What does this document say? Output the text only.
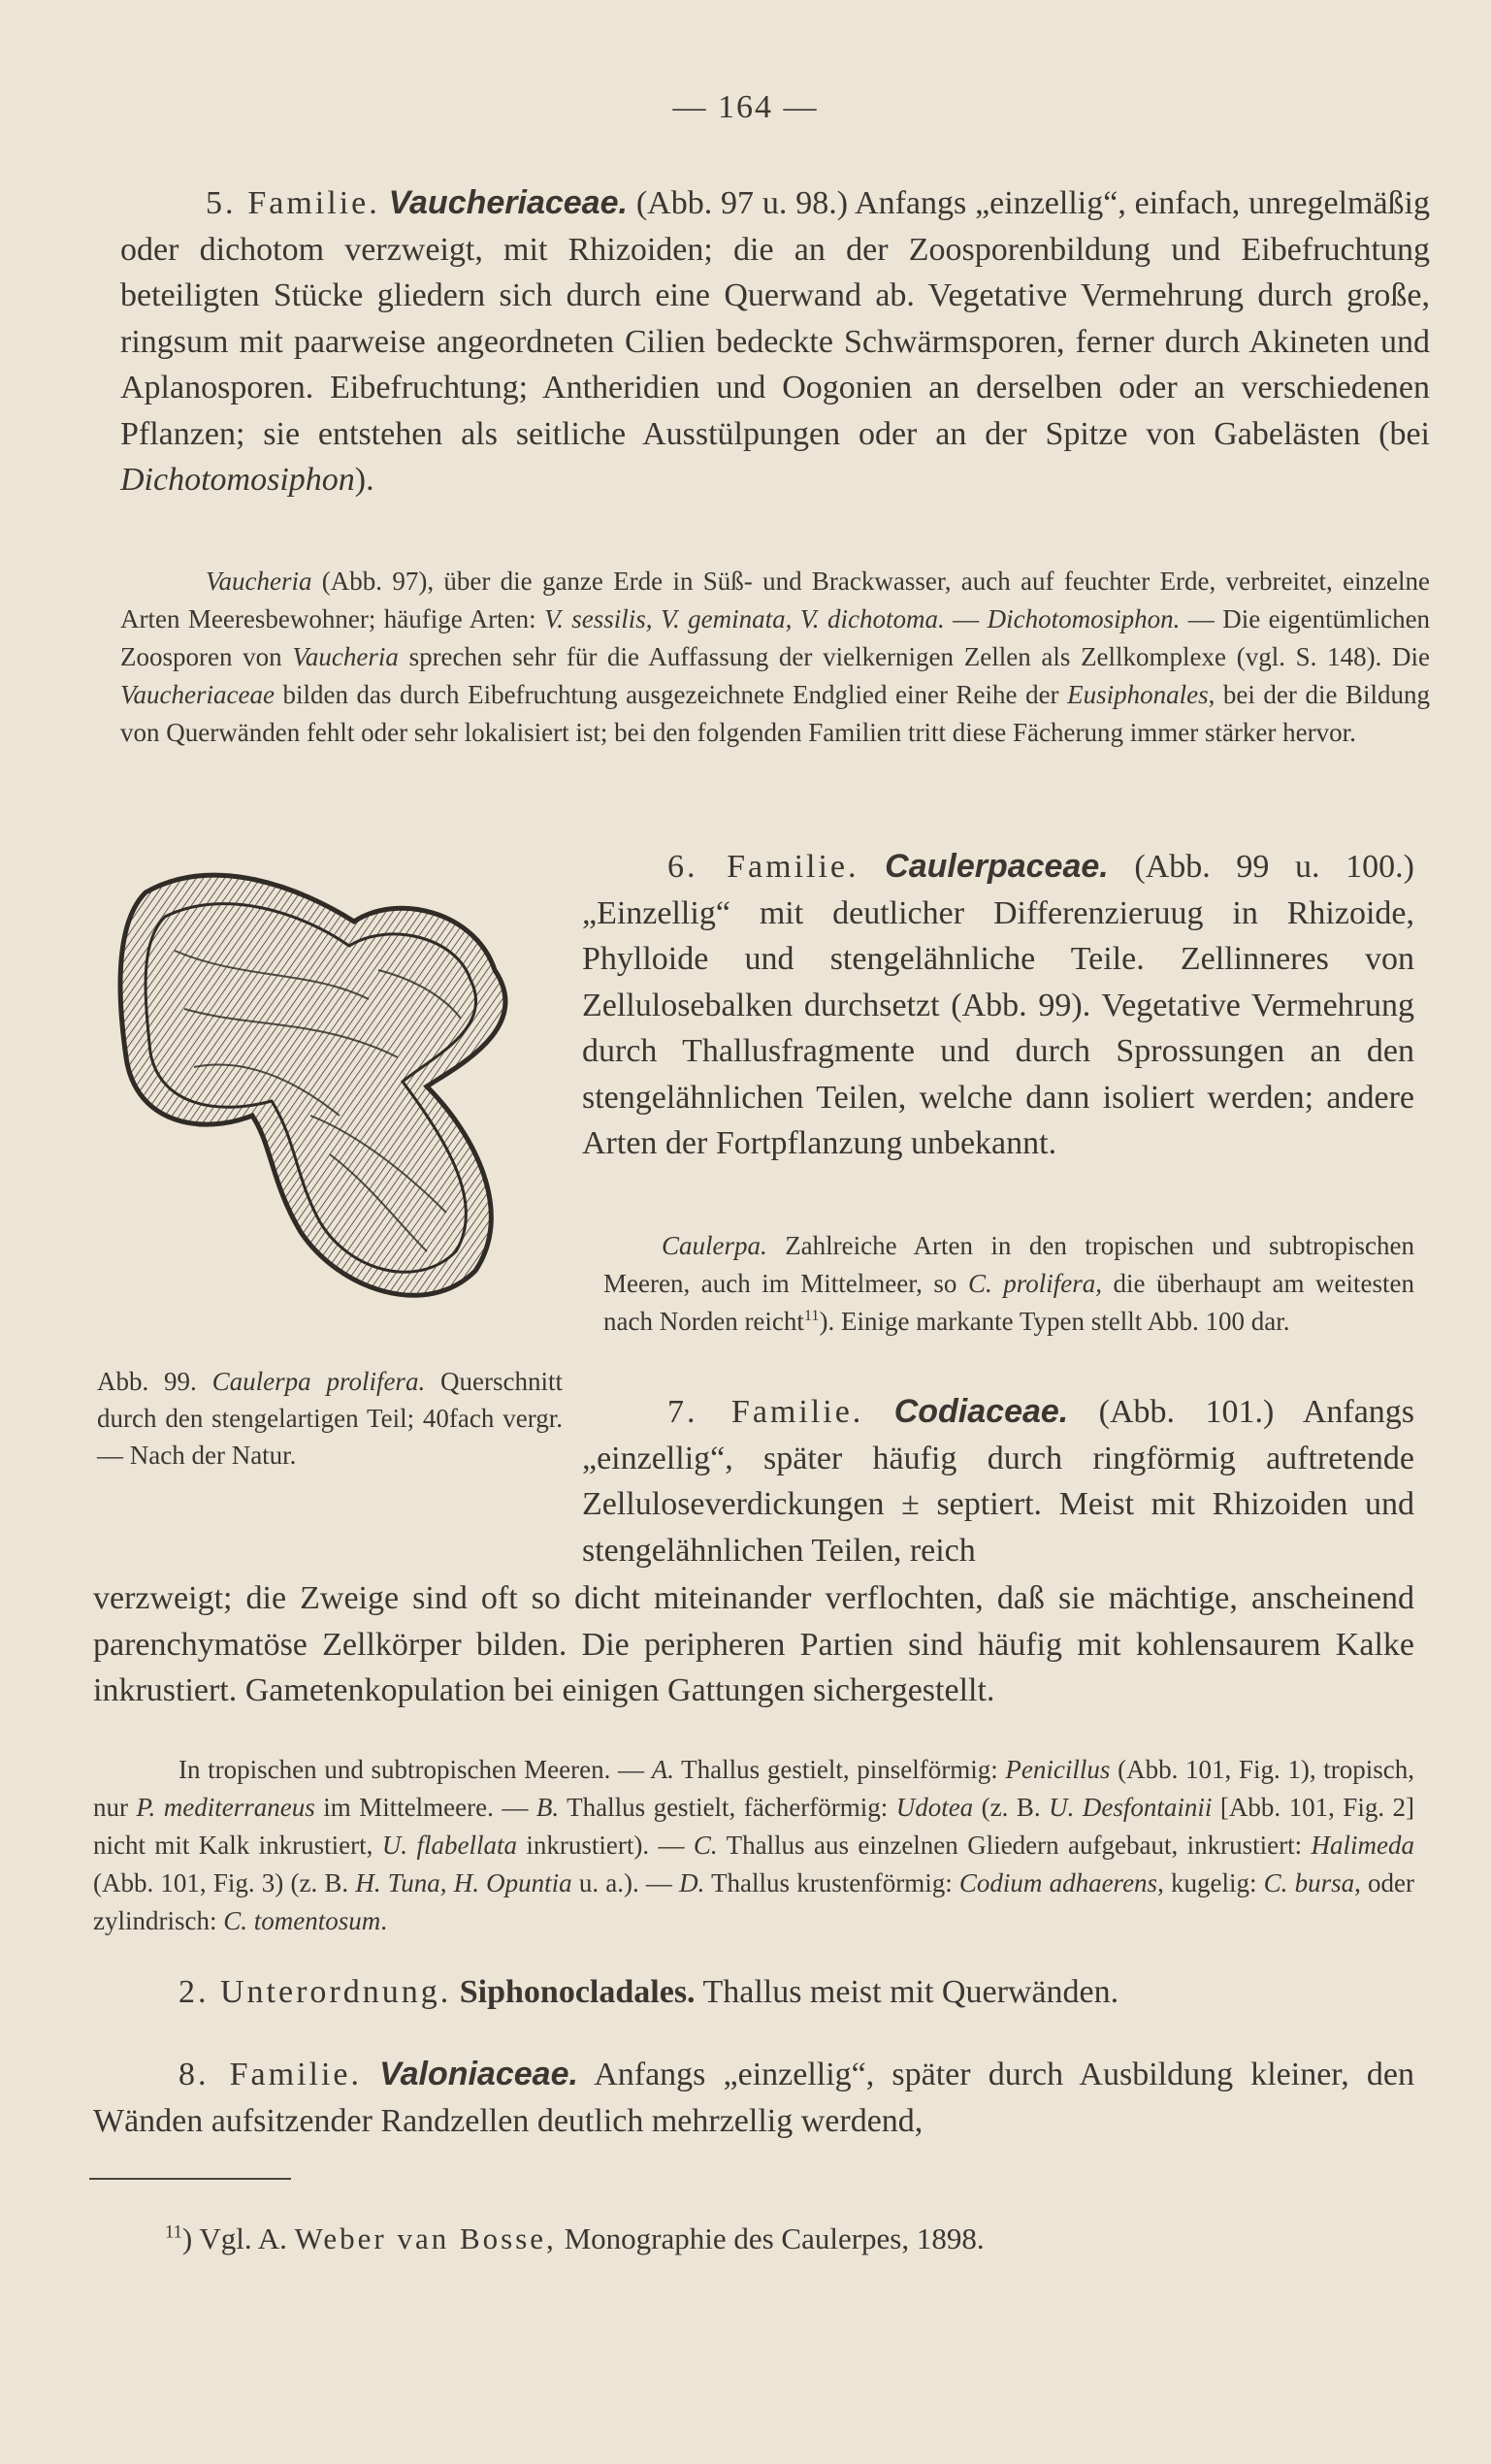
— 164 —
5. Familie. Vaucheriaceae. (Abb. 97 u. 98.) Anfangs „einzellig“, einfach, unregelmäßig oder dichotom verzweigt, mit Rhizoiden; die an der Zoosporenbildung und Eibefruchtung beteiligten Stücke gliedern sich durch eine Querwand ab. Vegetative Vermehrung durch große, ringsum mit paarweise angeordneten Cilien bedeckte Schwärmsporen, ferner durch Akineten und Aplanosporen. Eibefruchtung; Antheridien und Oogonien an derselben oder an verschiedenen Pflanzen; sie entstehen als seitliche Ausstülpungen oder an der Spitze von Gabelästen (bei Dichotomosiphon).
Vaucheria (Abb. 97), über die ganze Erde in Süß- und Brackwasser, auch auf feuchter Erde, verbreitet, einzelne Arten Meeresbewohner; häufige Arten: V. sessilis, V. geminata, V. dichotoma. — Dichotomosiphon. — Die eigentümlichen Zoosporen von Vaucheria sprechen sehr für die Auffassung der vielkernigen Zellen als Zellkomplexe (vgl. S. 148). Die Vaucheriaceae bilden das durch Eibefruchtung ausgezeichnete Endglied einer Reihe der Eusiphonales, bei der die Bildung von Querwänden fehlt oder sehr lokalisiert ist; bei den folgenden Familien tritt diese Fächerung immer stärker hervor.
Abb. 99. Caulerpa prolifera. Querschnitt durch den stengelartigen Teil; 40fach vergr. — Nach der Natur.
6. Familie. Caulerpaceae. (Abb. 99 u. 100.) „Einzellig“ mit deutlicher Differenzieruug in Rhizoide, Phylloide und stengelähnliche Teile. Zellinneres von Zellulosebalken durchsetzt (Abb. 99). Vegetative Vermehrung durch Thallusfragmente und durch Sprossungen an den stengelähnlichen Teilen, welche dann isoliert werden; andere Arten der Fortpflanzung unbekannt.
Caulerpa. Zahlreiche Arten in den tropischen und subtropischen Meeren, auch im Mittelmeer, so C. prolifera, die überhaupt am weitesten nach Norden reicht$^{11}$). Einige markante Typen stellt Abb. 100 dar.
7. Familie. Codiaceae. (Abb. 101.) Anfangs „einzellig“, später häufig durch ringförmig auftretende Zelluloseverdickungen ± septiert. Meist mit Rhizoiden und stengelähnlichen Teilen, reich
verzweigt; die Zweige sind oft so dicht miteinander verflochten, daß sie mächtige, anscheinend parenchymatöse Zellkörper bilden. Die peripheren Partien sind häufig mit kohlensaurem Kalke inkrustiert. Gametenkopulation bei einigen Gattungen sichergestellt.
In tropischen und subtropischen Meeren. — A. Thallus gestielt, pinselförmig: Penicillus (Abb. 101, Fig. 1), tropisch, nur P. mediterraneus im Mittelmeere. — B. Thallus gestielt, fächerförmig: Udotea (z. B. U. Desfontainii [Abb. 101, Fig. 2] nicht mit Kalk inkrustiert, U. flabellata inkrustiert). — C. Thallus aus einzelnen Gliedern aufgebaut, inkrustiert: Halimeda (Abb. 101, Fig. 3) (z. B. H. Tuna, H. Opuntia u. a.). — D. Thallus krustenförmig: Codium adhaerens, kugelig: C. bursa, oder zylindrisch: C. tomentosum.
2. Unterordnung. Siphonocladales. Thallus meist mit Querwänden.
8. Familie. Valoniaceae. Anfangs „einzellig“, später durch Ausbildung kleiner, den Wänden aufsitzender Randzellen deutlich mehrzellig werdend,
$^{11}$) Vgl. A. Weber van Bosse, Monographie des Caulerpes, 1898.
